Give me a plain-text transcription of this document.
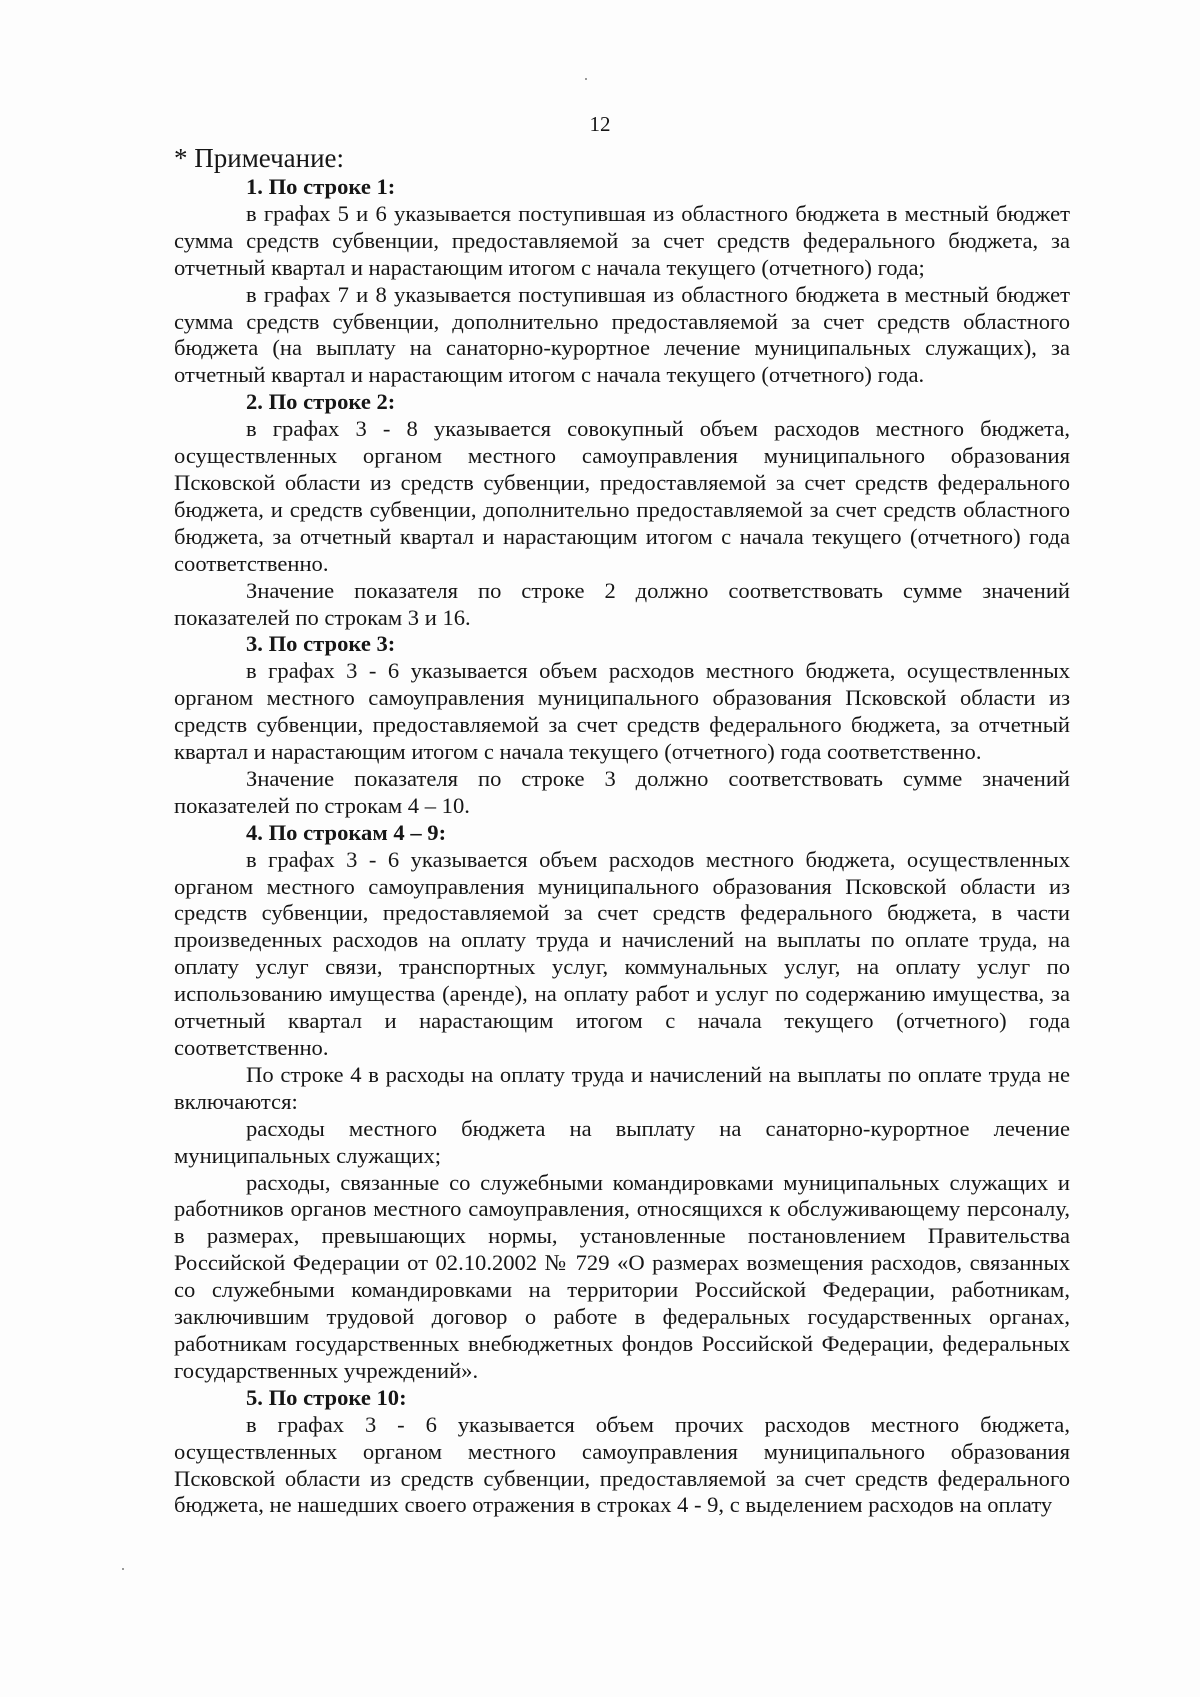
12
* Примечание:

1. По строке 1:

в графах 5 и 6 указывается поступившая из областного бюджета в местный бюджет сумма средств субвенции, предоставляемой за счет средств федерального бюджета, за отчетный квартал и нарастающим итогом с начала текущего (отчетного) года;

в графах 7 и 8 указывается поступившая из областного бюджета в местный бюджет сумма средств субвенции, дополнительно предоставляемой за счет средств областного бюджета (на выплату на санаторно-курортное лечение муниципальных служащих), за отчетный квартал и нарастающим итогом с начала текущего (отчетного) года.

2. По строке 2:

в графах 3 - 8 указывается совокупный объем расходов местного бюджета, осуществленных органом местного самоуправления муниципального образования Псковской области из средств субвенции, предоставляемой за счет средств федерального бюджета, и средств субвенции, дополнительно предоставляемой за счет средств областного бюджета, за отчетный квартал и нарастающим итогом с начала текущего (отчетного) года соответственно.

Значение показателя по строке 2 должно соответствовать сумме значений показателей по строкам 3 и 16.

3. По строке 3:

в графах 3 - 6 указывается объем расходов местного бюджета, осуществленных органом местного самоуправления муниципального образования Псковской области из средств субвенции, предоставляемой за счет средств федерального бюджета, за отчетный квартал и нарастающим итогом с начала текущего (отчетного) года соответственно.

Значение показателя по строке 3 должно соответствовать сумме значений показателей по строкам 4 – 10.

4. По строкам 4 – 9:

в графах 3 - 6 указывается объем расходов местного бюджета, осуществленных органом местного самоуправления муниципального образования Псковской области из средств субвенции, предоставляемой за счет средств федерального бюджета, в части произведенных расходов на оплату труда и начислений на выплаты по оплате труда, на оплату услуг связи, транспортных услуг, коммунальных услуг, на оплату услуг по использованию имущества (аренде), на оплату работ и услуг по содержанию имущества, за отчетный квартал и нарастающим итогом с начала текущего (отчетного) года соответственно.

По строке 4 в расходы на оплату труда и начислений на выплаты по оплате труда не включаются:

расходы местного бюджета на выплату на санаторно-курортное лечение муниципальных служащих;

расходы, связанные со служебными командировками муниципальных служащих и работников органов местного самоуправления, относящихся к обслуживающему персоналу, в размерах, превышающих нормы, установленные постановлением Правительства Российской Федерации от 02.10.2002 № 729 «О размерах возмещения расходов, связанных со служебными командировками на территории Российской Федерации, работникам, заключившим трудовой договор о работе в федеральных государственных органах, работникам государственных внебюджетных фондов Российской Федерации, федеральных государственных учреждений».

5. По строке 10:

в графах 3 - 6 указывается объем прочих расходов местного бюджета, осуществленных органом местного самоуправления муниципального образования Псковской области из средств субвенции, предоставляемой за счет средств федерального бюджета, не нашедших своего отражения в строках 4 - 9, с выделением расходов на оплату
